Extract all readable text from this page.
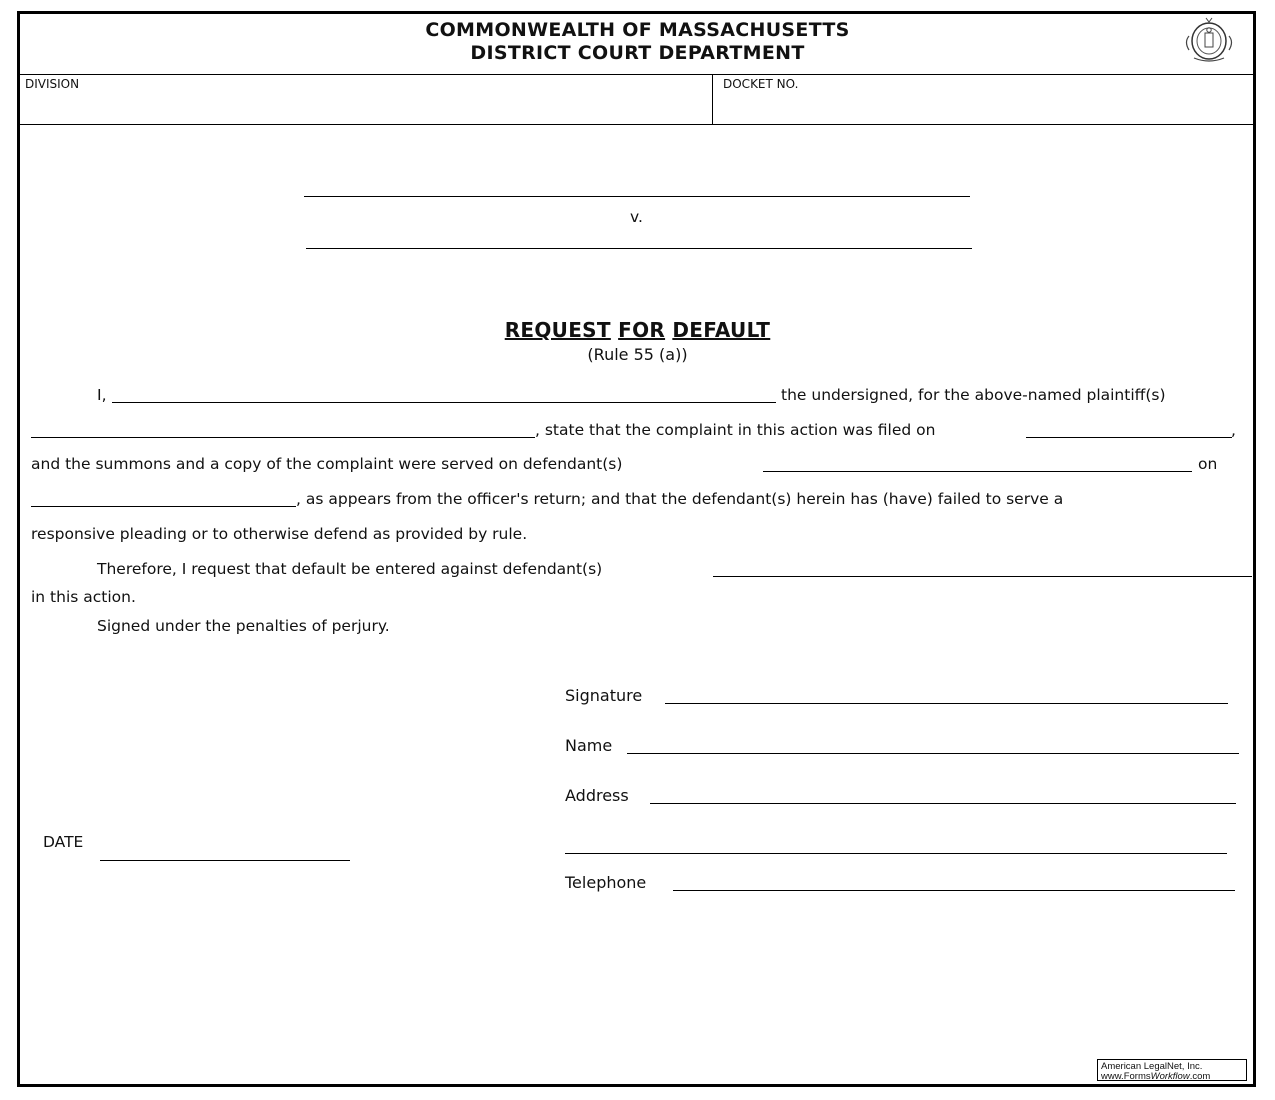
COMMONWEALTH OF MASSACHUSETTS
DISTRICT COURT DEPARTMENT
DIVISION	DOCKET NO.
v.
REQUEST FOR DEFAULT
(Rule 55 (a))
I,	the undersigned, for the above-named plaintiff(s)
, state that the complaint in this action was filed on	,
and the summons and a copy of the complaint were served on defendant(s)	on
, as appears from the officer's return; and that the defendant(s) herein has (have) failed to serve a
responsive pleading or to otherwise defend as provided by rule.
Therefore, I request that default be entered against defendant(s)
in this action.
Signed under the penalties of perjury.
Signature
Name
Address
Telephone
DATE
American LegalNet, Inc.
www.FormsWorkflow.com
